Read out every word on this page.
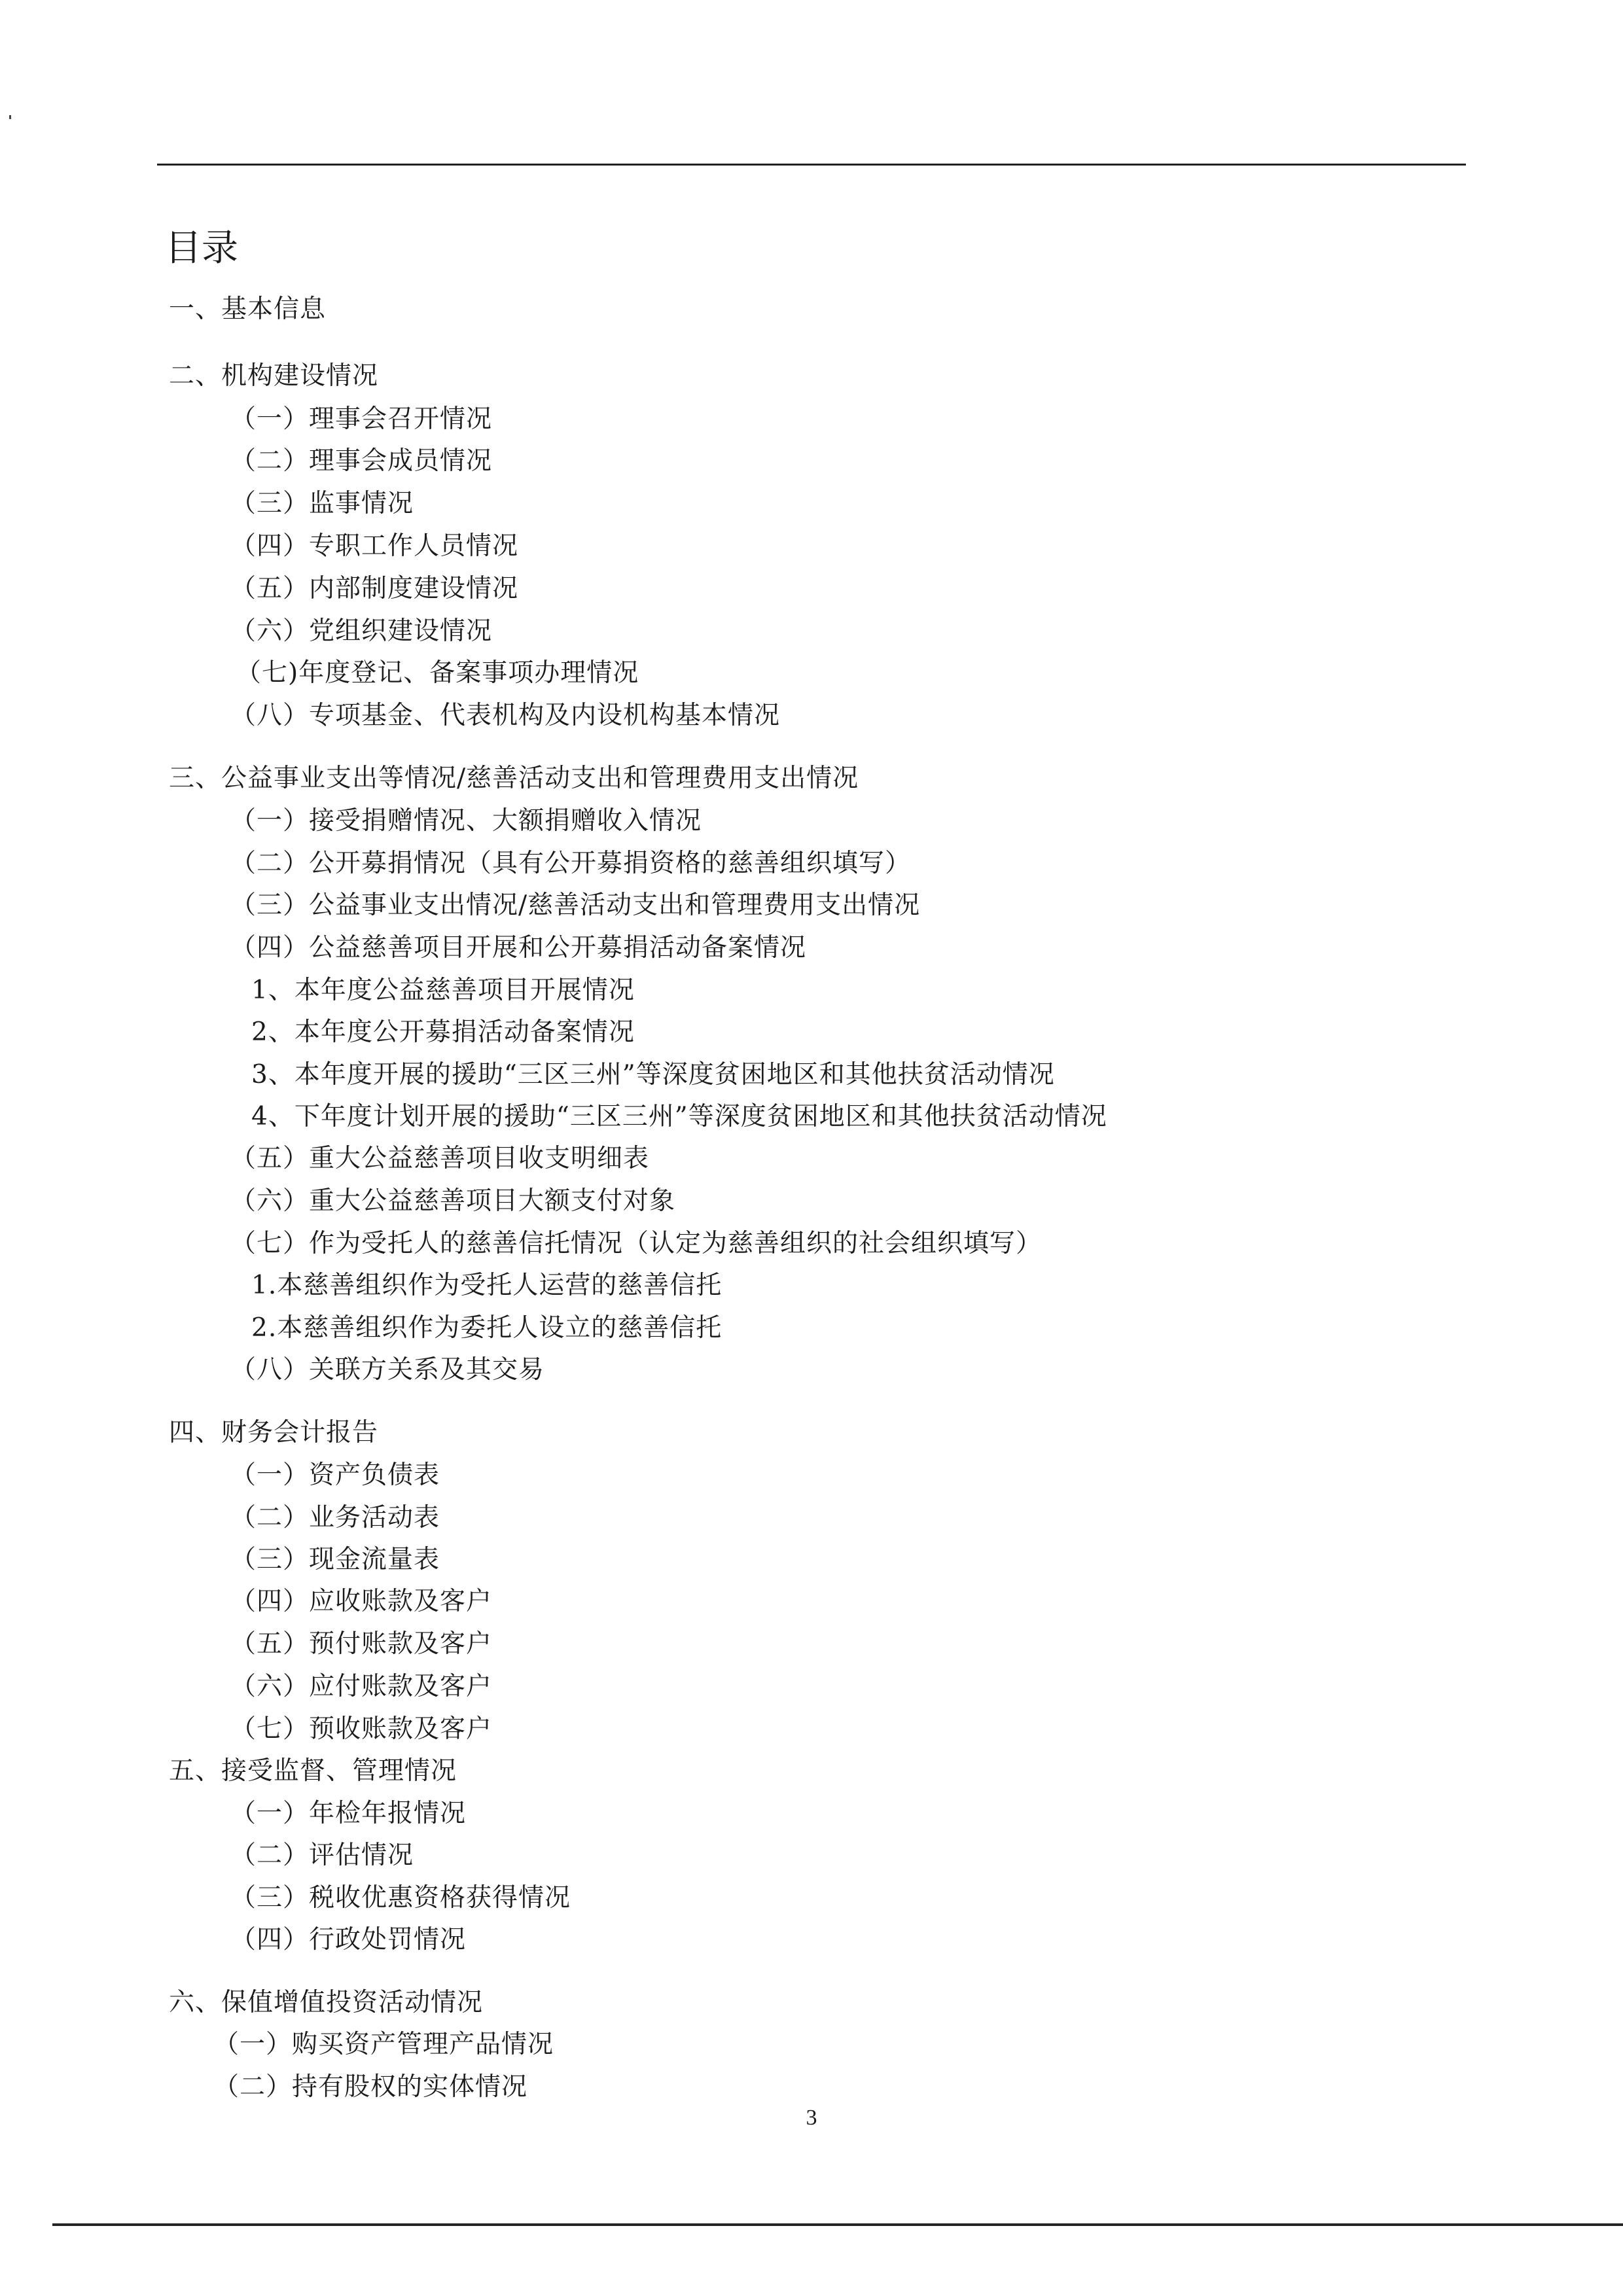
目录
一、基本信息
二、机构建设情况
（一）理事会召开情况
（二）理事会成员情况
（三）监事情况
（四）专职工作人员情况
（五）内部制度建设情况
（六）党组织建设情况
（七)年度登记、备案事项办理情况
（八）专项基金、代表机构及内设机构基本情况
三、公益事业支出等情况/慈善活动支出和管理费用支出情况
（一）接受捐赠情况、大额捐赠收入情况
（二）公开募捐情况（具有公开募捐资格的慈善组织填写）
（三）公益事业支出情况/慈善活动支出和管理费用支出情况
（四）公益慈善项目开展和公开募捐活动备案情况
1、本年度公益慈善项目开展情况
2、本年度公开募捐活动备案情况
3、本年度开展的援助“三区三州”等深度贫困地区和其他扶贫活动情况
4、下年度计划开展的援助“三区三州”等深度贫困地区和其他扶贫活动情况
（五）重大公益慈善项目收支明细表
（六）重大公益慈善项目大额支付对象
（七）作为受托人的慈善信托情况（认定为慈善组织的社会组织填写）
1.本慈善组织作为受托人运营的慈善信托
2.本慈善组织作为委托人设立的慈善信托
（八）关联方关系及其交易
四、财务会计报告
（一）资产负债表
（二）业务活动表
（三）现金流量表
（四）应收账款及客户
（五）预付账款及客户
（六）应付账款及客户
（七）预收账款及客户
五、接受监督、管理情况
（一）年检年报情况
（二）评估情况
（三）税收优惠资格获得情况
（四）行政处罚情况
六、保值增值投资活动情况
（一）购买资产管理产品情况
（二）持有股权的实体情况
3
